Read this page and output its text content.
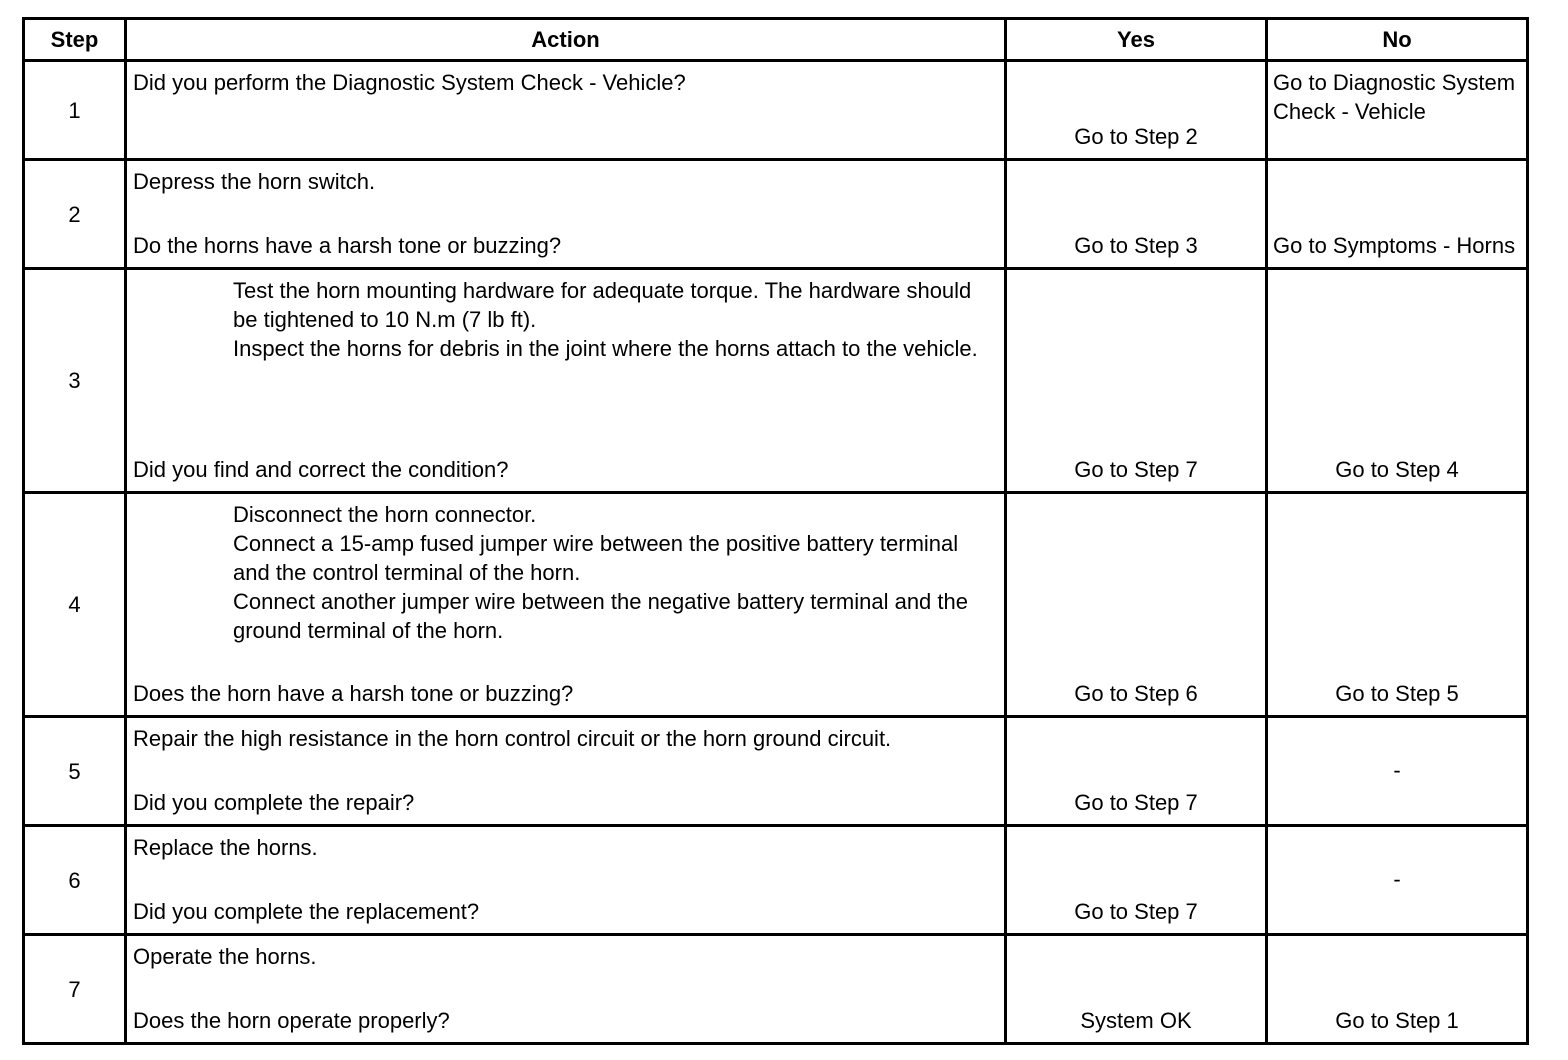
Step	Action	Yes	No
1	Did you perform the Diagnostic System Check - Vehicle?	Go to Step 2	Go to Diagnostic System Check - Vehicle

2	Depress the horn switch.
Do the horns have a harsh tone or buzzing?	Go to Step 3	Go to Symptoms - Horns

3	Test the horn mounting hardware for adequate torque. The hardware should be tightened to 10 N.m (7 lb ft).
Inspect the horns for debris in the joint where the horns attach to the vehicle.
Did you find and correct the condition?	Go to Step 7	Go to Step 4

4	Disconnect the horn connector.
Connect a 15-amp fused jumper wire between the positive battery terminal and the control terminal of the horn.
Connect another jumper wire between the negative battery terminal and the ground terminal of the horn.
Does the horn have a harsh tone or buzzing?	Go to Step 6	Go to Step 5

5	Repair the high resistance in the horn control circuit or the horn ground circuit.
Did you complete the repair?	Go to Step 7	-

6	Replace the horns.
Did you complete the replacement?	Go to Step 7	-

7	Operate the horns.
Does the horn operate properly?	System OK	Go to Step 1
